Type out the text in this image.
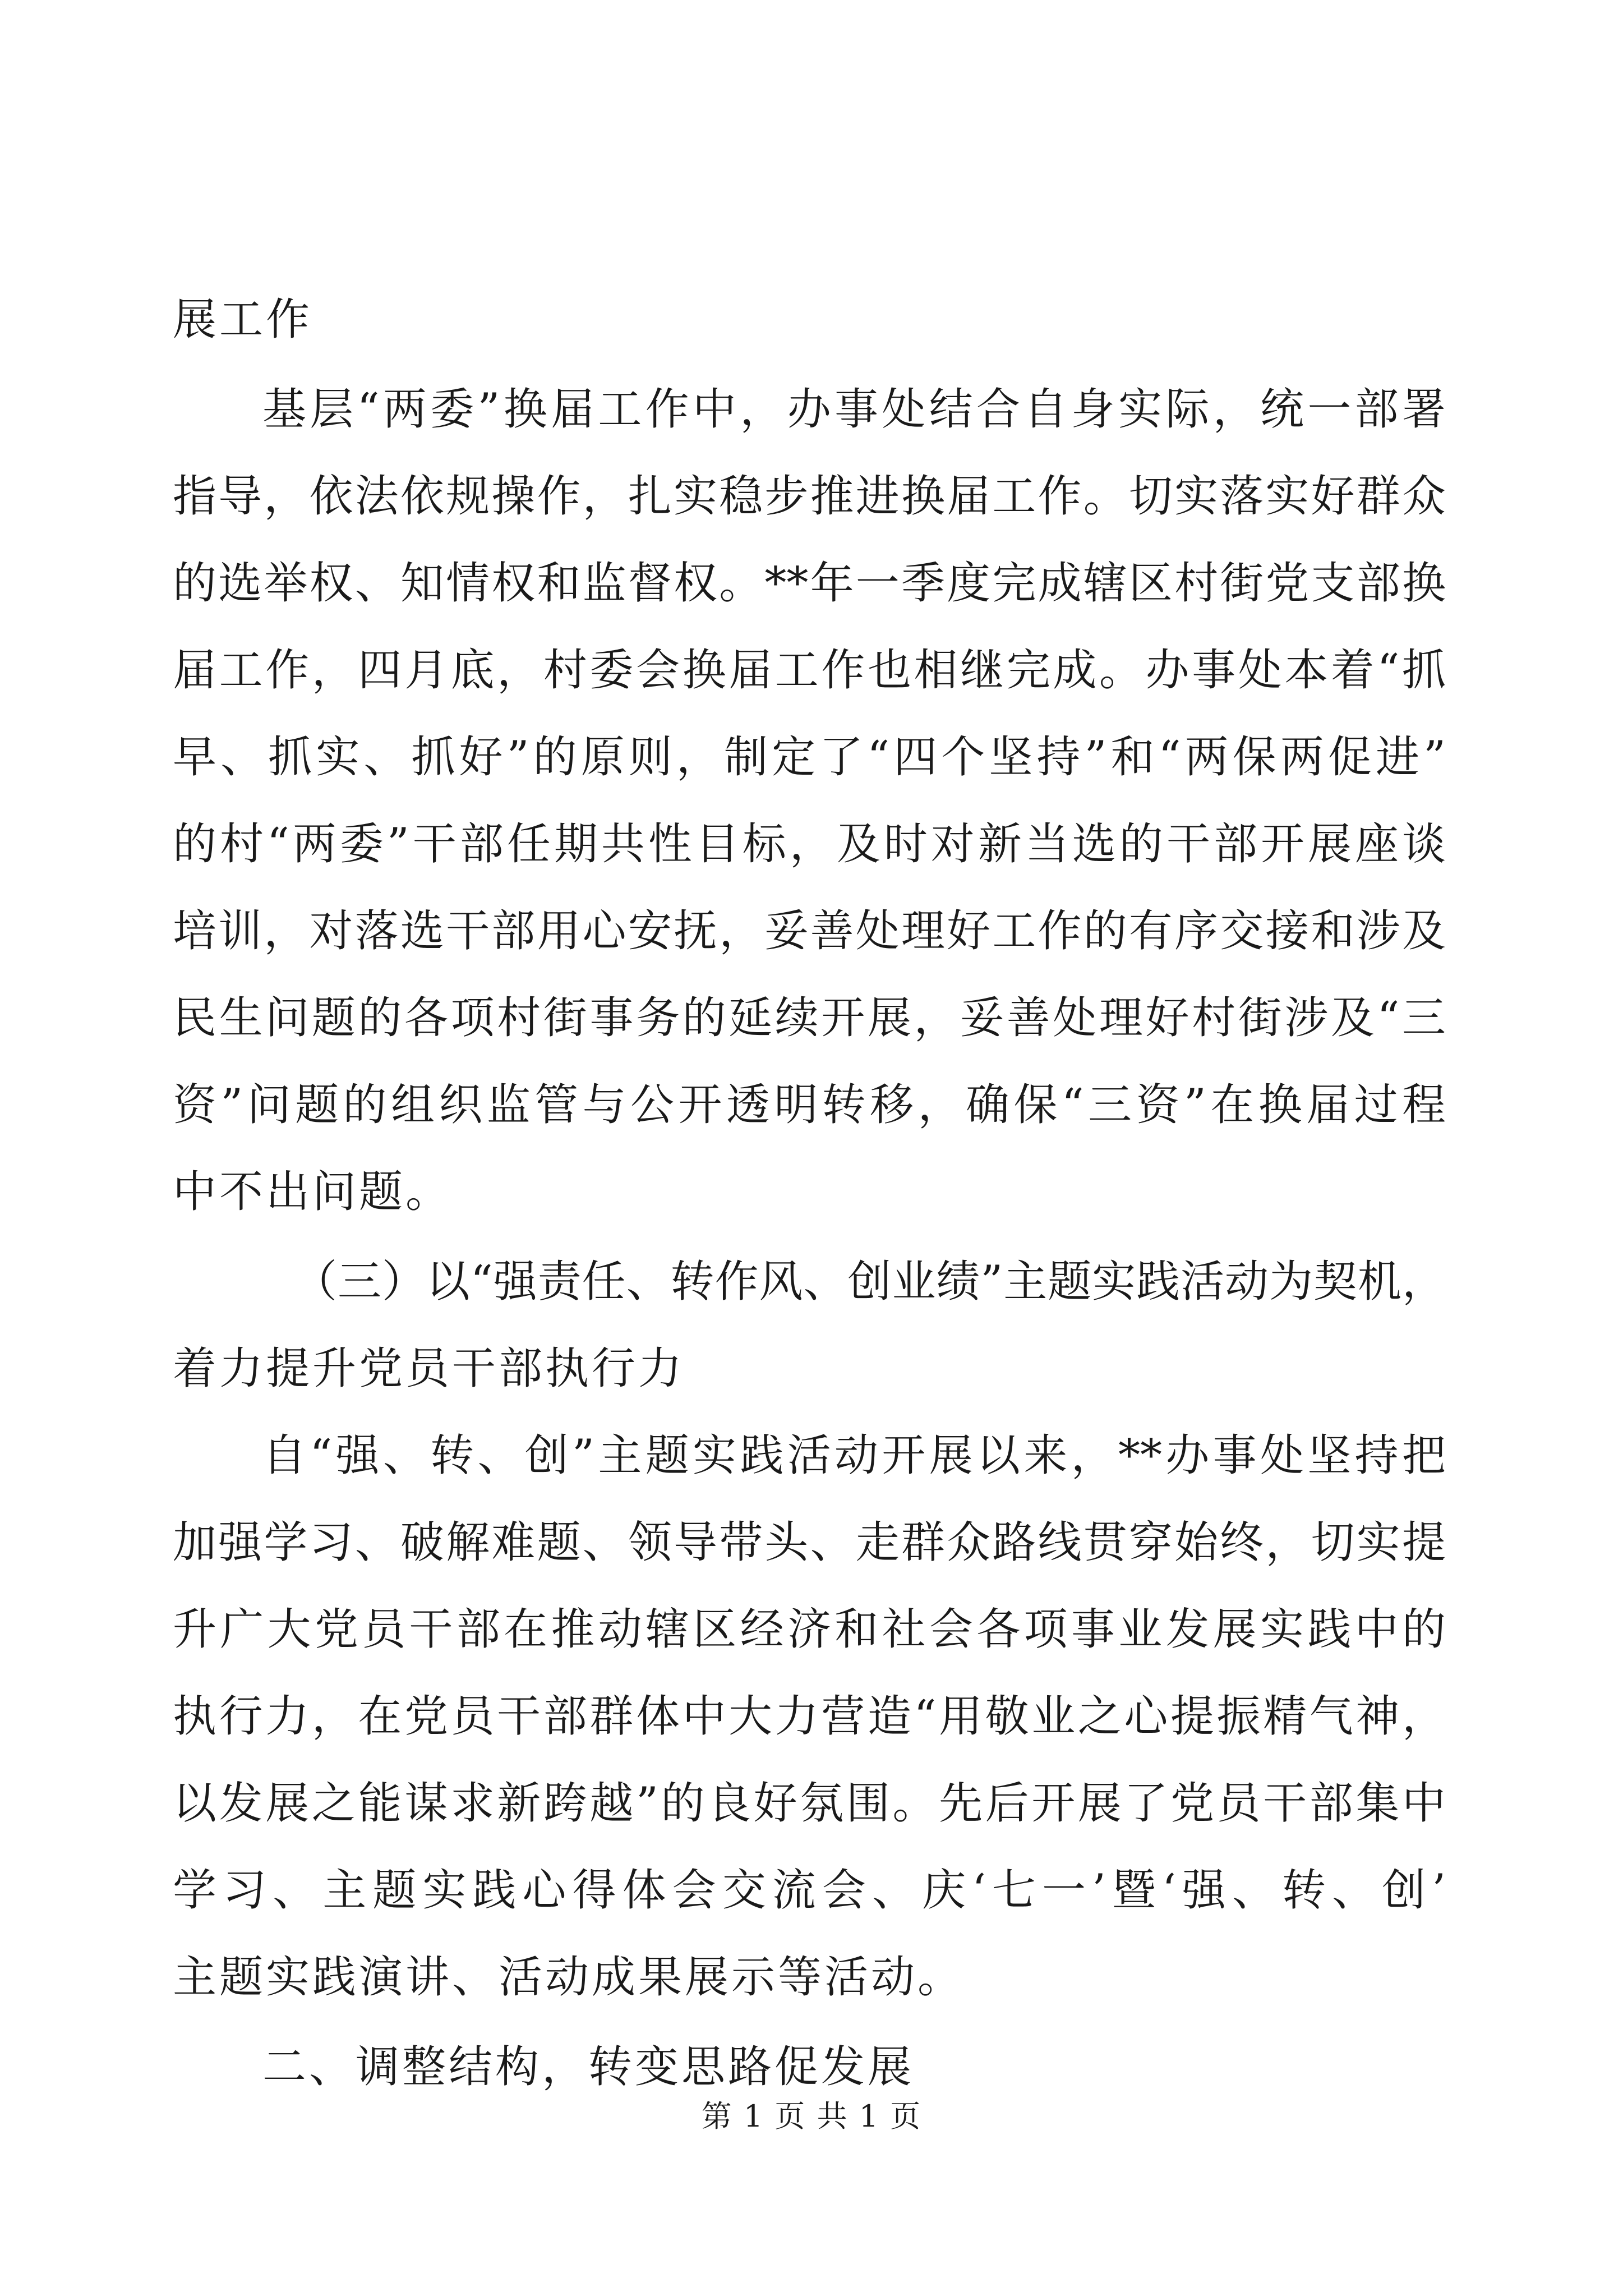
展工作
基层“两委”换届工作中，办事处结合自身实际，统一部署
指导，依法依规操作，扎实稳步推进换届工作。切实落实好群众
的选举权、知情权和监督权。**年一季度完成辖区村街党支部换
届工作，四月底，村委会换届工作也相继完成。办事处本着“抓
早、抓实、抓好”的原则，制定了“四个坚持”和“两保两促进”
的村“两委”干部任期共性目标，及时对新当选的干部开展座谈
培训，对落选干部用心安抚，妥善处理好工作的有序交接和涉及
民生问题的各项村街事务的延续开展，妥善处理好村街涉及“三
资”问题的组织监管与公开透明转移，确保“三资”在换届过程
中不出问题。
（三）以“强责任、转作风、创业绩”主题实践活动为契机，
着力提升党员干部执行力
自“强、转、创”主题实践活动开展以来，**办事处坚持把
加强学习、破解难题、领导带头、走群众路线贯穿始终，切实提
升广大党员干部在推动辖区经济和社会各项事业发展实践中的
执行力，在党员干部群体中大力营造“用敬业之心提振精气神，
以发展之能谋求新跨越”的良好氛围。先后开展了党员干部集中
学习、主题实践心得体会交流会、庆‘七一’暨‘强、转、创’
主题实践演讲、活动成果展示等活动。
二、调整结构，转变思路促发展
第 1 页 共 1 页
